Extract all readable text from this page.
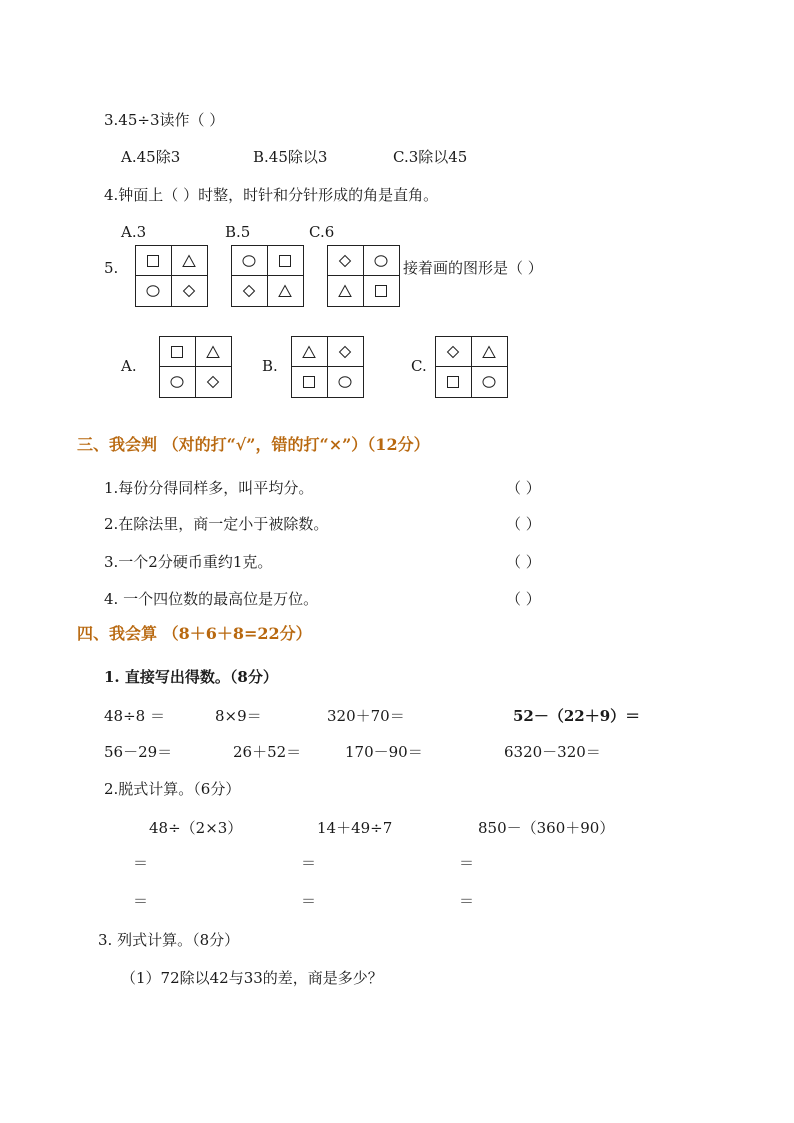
3.45÷3读作（ ）
A.45除3	B.45除以3	C.3除以45
4.钟面上（ ）时整，时针和分针形成的角是直角。
A.3	B.5	C.6
5.	接着画的图形是（ ）
A.	B.	C.
三、我会判 （对的打“√”，错的打“×”）（12分）
1.每份分得同样多，叫平均分。	（ ）
2.在除法里，商一定小于被除数。	（ ）
3.一个2分硬币重约1克。	（ ）
4. 一个四位数的最高位是万位。	（ ）
四、我会算 （8＋6＋8=22分）
1. 直接写出得数。（8分）
48÷8 ＝	8×9＝	320＋70＝	52－（22＋9）＝
56－29＝	26＋52＝	170－90＝	6320－320＝
2.脱式计算。（6分）
48÷（2×3）	14＋49÷7	850－（360＋90）
＝	＝	＝
＝	＝	＝
3. 列式计算。（8分）
（1）72除以42与33的差，商是多少？
